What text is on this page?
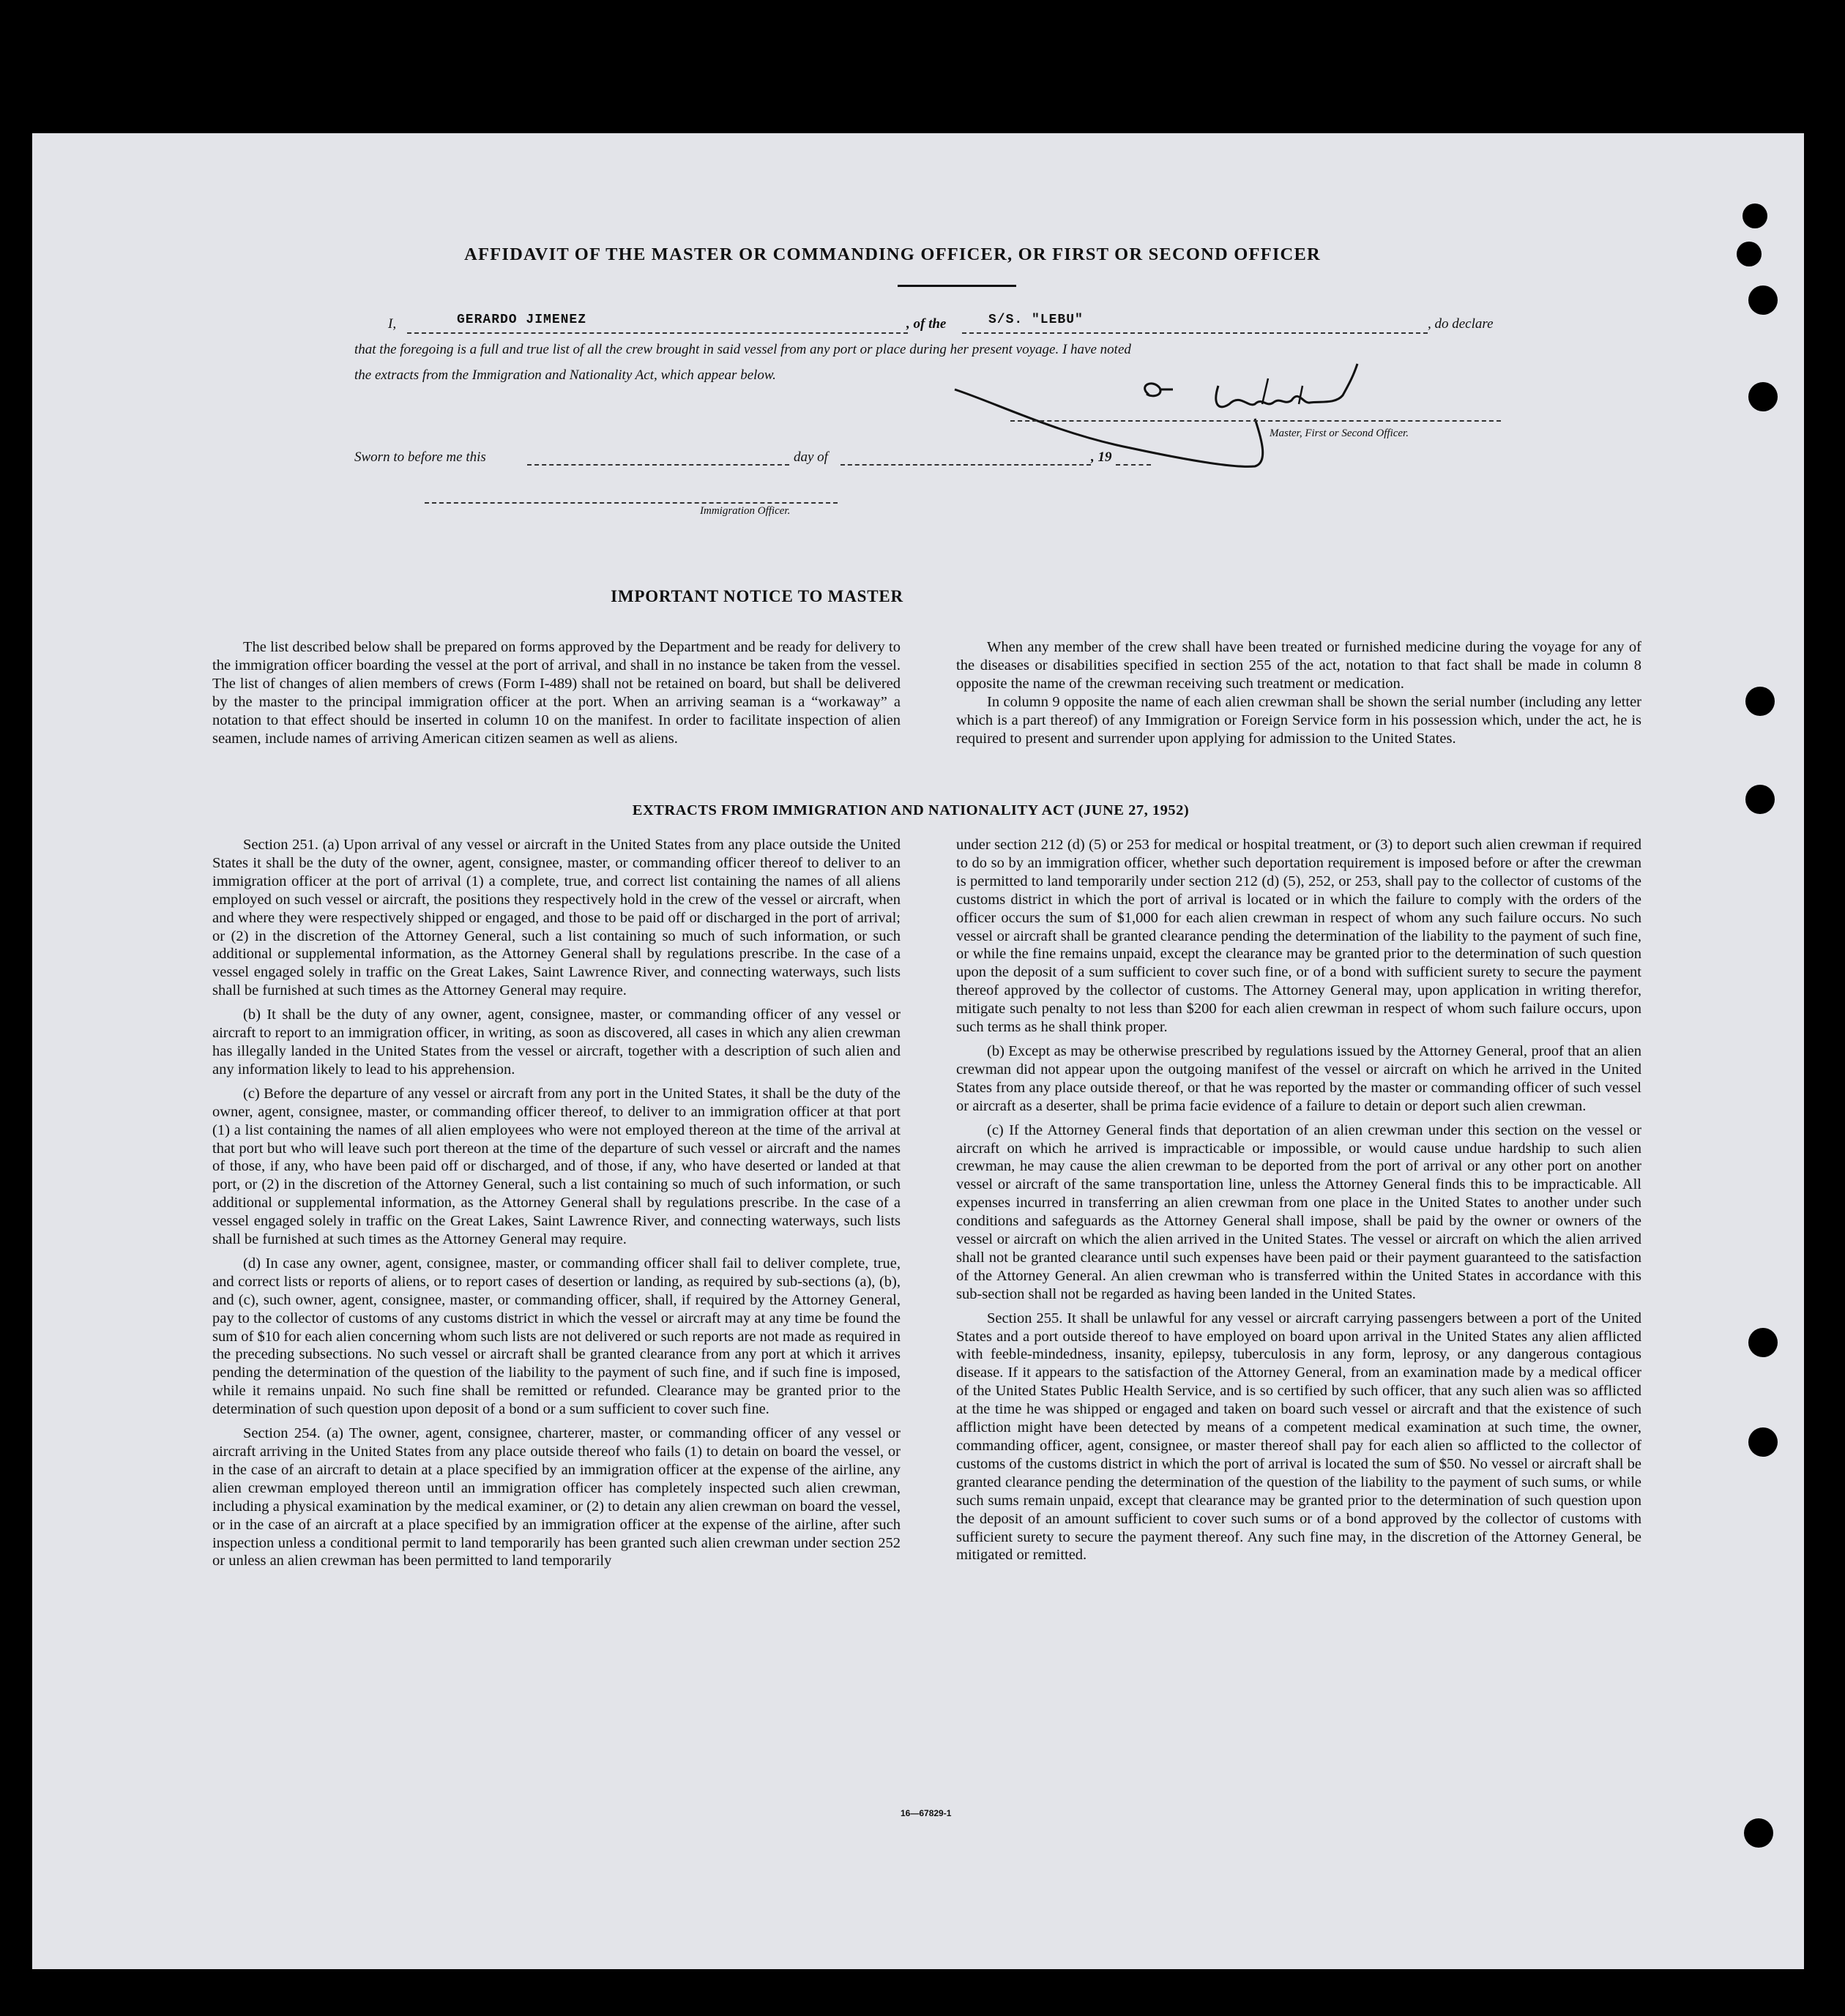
AFFIDAVIT OF THE MASTER OR COMMANDING OFFICER, OR FIRST OR SECOND OFFICER
I,	GERARDO JIMENEZ	, of the	S/S. "LEBU"	, do declare
that the foregoing is a full and true list of all the crew brought in said vessel from any port or place during her present voyage. I have noted
the extracts from the Immigration and Nationality Act, which appear below.
Master, First or Second Officer.
Sworn to before me this	day of	, 19
Immigration Officer.
IMPORTANT NOTICE TO MASTER

The list described below shall be prepared on forms approved by the Department and be ready for delivery to the immigration officer boarding the vessel at the port of arrival, and shall in no instance be taken from the vessel. The list of changes of alien members of crews (Form I-489) shall not be retained on board, but shall be delivered by the master to the principal immigration officer at the port. When an arriving seaman is a “workaway” a notation to that effect should be inserted in column 10 on the manifest. In order to facilitate inspection of alien seamen, include names of arriving American citizen seamen as well as aliens.

When any member of the crew shall have been treated or furnished medicine during the voyage for any of the diseases or disabilities specified in section 255 of the act, notation to that fact shall be made in column 8 opposite the name of the crewman receiving such treatment or medication.

In column 9 opposite the name of each alien crewman shall be shown the serial number (including any letter which is a part thereof) of any Immigration or Foreign Service form in his possession which, under the act, he is required to present and surrender upon applying for admission to the United States.

EXTRACTS FROM IMMIGRATION AND NATIONALITY ACT (JUNE 27, 1952)

Section 251. (a) Upon arrival of any vessel or aircraft in the United States from any place outside the United States it shall be the duty of the owner, agent, consignee, master, or commanding officer thereof to deliver to an immigration officer at the port of arrival (1) a complete, true, and correct list containing the names of all aliens employed on such vessel or aircraft, the positions they respectively hold in the crew of the vessel or aircraft, when and where they were respectively shipped or engaged, and those to be paid off or discharged in the port of arrival; or (2) in the discretion of the Attorney General, such a list containing so much of such information, or such additional or supplemental information, as the Attorney General shall by regulations prescribe. In the case of a vessel engaged solely in traffic on the Great Lakes, Saint Lawrence River, and connecting waterways, such lists shall be furnished at such times as the Attorney General may require.

(b) It shall be the duty of any owner, agent, consignee, master, or commanding officer of any vessel or aircraft to report to an immigration officer, in writing, as soon as discovered, all cases in which any alien crewman has illegally landed in the United States from the vessel or aircraft, together with a description of such alien and any information likely to lead to his apprehension.

(c) Before the departure of any vessel or aircraft from any port in the United States, it shall be the duty of the owner, agent, consignee, master, or commanding officer thereof, to deliver to an immigration officer at that port (1) a list containing the names of all alien employees who were not employed thereon at the time of the arrival at that port but who will leave such port thereon at the time of the departure of such vessel or aircraft and the names of those, if any, who have been paid off or discharged, and of those, if any, who have deserted or landed at that port, or (2) in the discretion of the Attorney General, such a list containing so much of such information, or such additional or supplemental information, as the Attorney General shall by regulations prescribe. In the case of a vessel engaged solely in traffic on the Great Lakes, Saint Lawrence River, and connecting waterways, such lists shall be furnished at such times as the Attorney General may require.

(d) In case any owner, agent, consignee, master, or commanding officer shall fail to deliver complete, true, and correct lists or reports of aliens, or to report cases of desertion or landing, as required by sub-sections (a), (b), and (c), such owner, agent, consignee, master, or commanding officer, shall, if required by the Attorney General, pay to the collector of customs of any customs district in which the vessel or aircraft may at any time be found the sum of $10 for each alien concerning whom such lists are not delivered or such reports are not made as required in the preceding subsections. No such vessel or aircraft shall be granted clearance from any port at which it arrives pending the determination of the question of the liability to the payment of such fine, and if such fine is imposed, while it remains unpaid. No such fine shall be remitted or refunded. Clearance may be granted prior to the determination of such question upon deposit of a bond or a sum sufficient to cover such fine.

Section 254. (a) The owner, agent, consignee, charterer, master, or commanding officer of any vessel or aircraft arriving in the United States from any place outside thereof who fails (1) to detain on board the vessel, or in the case of an aircraft to detain at a place specified by an immigration officer at the expense of the airline, any alien crewman employed thereon until an immigration officer has completely inspected such alien crewman, including a physical examination by the medical examiner, or (2) to detain any alien crewman on board the vessel, or in the case of an aircraft at a place specified by an immigration officer at the expense of the airline, after such inspection unless a conditional permit to land temporarily has been granted such alien crewman under section 252 or unless an alien crewman has been permitted to land temporarily

under section 212 (d) (5) or 253 for medical or hospital treatment, or (3) to deport such alien crewman if required to do so by an immigration officer, whether such deportation requirement is imposed before or after the crewman is permitted to land temporarily under section 212 (d) (5), 252, or 253, shall pay to the collector of customs of the customs district in which the port of arrival is located or in which the failure to comply with the orders of the officer occurs the sum of $1,000 for each alien crewman in respect of whom any such failure occurs. No such vessel or aircraft shall be granted clearance pending the determination of the liability to the payment of such fine, or while the fine remains unpaid, except the clearance may be granted prior to the determination of such question upon the deposit of a sum sufficient to cover such fine, or of a bond with sufficient surety to secure the payment thereof approved by the collector of customs. The Attorney General may, upon application in writing therefor, mitigate such penalty to not less than $200 for each alien crewman in respect of whom such failure occurs, upon such terms as he shall think proper.

(b) Except as may be otherwise prescribed by regulations issued by the Attorney General, proof that an alien crewman did not appear upon the outgoing manifest of the vessel or aircraft on which he arrived in the United States from any place outside thereof, or that he was reported by the master or commanding officer of such vessel or aircraft as a deserter, shall be prima facie evidence of a failure to detain or deport such alien crewman.

(c) If the Attorney General finds that deportation of an alien crewman under this section on the vessel or aircraft on which he arrived is impracticable or impossible, or would cause undue hardship to such alien crewman, he may cause the alien crewman to be deported from the port of arrival or any other port on another vessel or aircraft of the same transportation line, unless the Attorney General finds this to be impracticable. All expenses incurred in transferring an alien crewman from one place in the United States to another under such conditions and safeguards as the Attorney General shall impose, shall be paid by the owner or owners of the vessel or aircraft on which the alien arrived in the United States. The vessel or aircraft on which the alien arrived shall not be granted clearance until such expenses have been paid or their payment guaranteed to the satisfaction of the Attorney General. An alien crewman who is transferred within the United States in accordance with this sub-section shall not be regarded as having been landed in the United States.

Section 255. It shall be unlawful for any vessel or aircraft carrying passengers between a port of the United States and a port outside thereof to have employed on board upon arrival in the United States any alien afflicted with feeble-mindedness, insanity, epilepsy, tuberculosis in any form, leprosy, or any dangerous contagious disease. If it appears to the satisfaction of the Attorney General, from an examination made by a medical officer of the United States Public Health Service, and is so certified by such officer, that any such alien was so afflicted at the time he was shipped or engaged and taken on board such vessel or aircraft and that the existence of such affliction might have been detected by means of a competent medical examination at such time, the owner, commanding officer, agent, consignee, or master thereof shall pay for each alien so afflicted to the collector of customs of the customs district in which the port of arrival is located the sum of $50. No vessel or aircraft shall be granted clearance pending the determination of the question of the liability to the payment of such sums, or while such sums remain unpaid, except that clearance may be granted prior to the determination of such question upon the deposit of an amount sufficient to cover such sums or of a bond approved by the collector of customs with sufficient surety to secure the payment thereof. Any such fine may, in the discretion of the Attorney General, be mitigated or remitted.

16—67829-1
